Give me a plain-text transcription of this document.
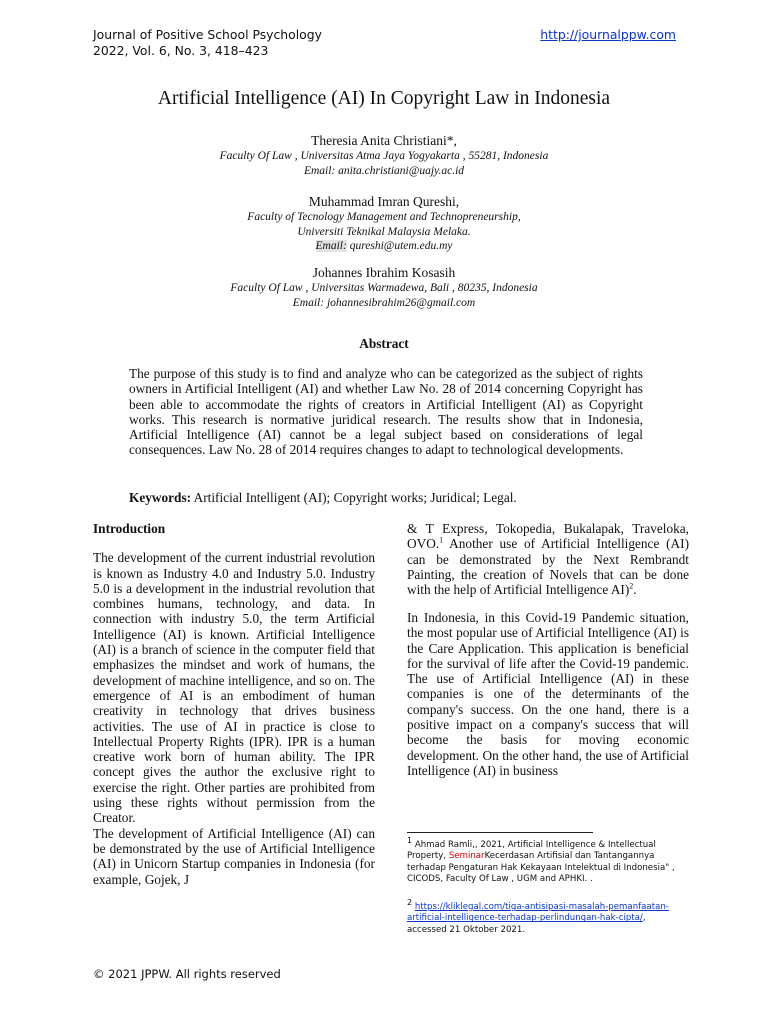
Journal of Positive School Psychology
2022, Vol. 6, No. 3, 418–423
http://journalppw.com
Artificial Intelligence (AI) In Copyright Law in Indonesia
Theresia Anita Christiani*,
Faculty Of Law , Universitas Atma Jaya Yogyakarta , 55281, Indonesia
Email: anita.christiani@uajy.ac.id
Muhammad Imran Qureshi,
Faculty of Tecnology Management and Technopreneurship,
Universiti Teknikal Malaysia Melaka.
Email: qureshi@utem.edu.my
Johannes Ibrahim Kosasih
Faculty Of Law , Universitas Warmadewa, Bali , 80235, Indonesia
Email: johannesibrahim26@gmail.com
Abstract
The purpose of this study is to find and analyze who can be categorized as the subject of rights owners in Artificial Intelligent (AI) and whether Law No. 28 of 2014 concerning Copyright has been able to accommodate the rights of creators in Artificial Intelligent (AI) as Copyright works. This research is normative juridical research. The results show that in Indonesia, Artificial Intelligence (AI) cannot be a legal subject based on considerations of legal consequences. Law No. 28 of 2014 requires changes to adapt to technological developments.
Keywords: Artificial Intelligent (AI); Copyright works; Juridical; Legal.
Introduction

The development of the current industrial revolution is known as Industry 4.0 and Industry 5.0. Industry 5.0 is a development in the industrial revolution that combines humans, technology, and data. In connection with industry 5.0, the term Artificial Intelligence (AI) is known. Artificial Intelligence (AI) is a branch of science in the computer field that emphasizes the mindset and work of humans, the development of machine intelligence, and so on. The emergence of AI is an embodiment of human creativity in technology that drives business activities. The use of AI in practice is close to Intellectual Property Rights (IPR). IPR is a human creative work born of human ability. The IPR concept gives the author the exclusive right to exercise the right. Other parties are prohibited from using these rights without permission from the Creator.

The development of Artificial Intelligence (AI) can be demonstrated by the use of Artificial Intelligence (AI) in Unicorn Startup companies in Indonesia (for example, Gojek, J

& T Express, Tokopedia, Bukalapak, Traveloka, OVO.$^1$ Another use of Artificial Intelligence (AI) can be demonstrated by the Next Rembrandt Painting, the creation of Novels that can be done with the help of Artificial Intelligence AI)$^2$.

In Indonesia, in this Covid-19 Pandemic situation, the most popular use of Artificial Intelligence (AI) is the Care Application. This application is beneficial for the survival of life after the Covid-19 pandemic. The use of Artificial Intelligence (AI) in these companies is one of the determinants of the company's success. On the one hand, there is a positive impact on a company's success that will become the basis for moving economic development. On the other hand, the use of Artificial Intelligence (AI) in business

$^1$ Ahmad Ramli,, 2021, Artificial Intelligence & Intellectual Property, SeminarKecerdasan Artifisial dan Tantangannya terhadap Pengaturan Hak Kekayaan Intelektual di Indonesia" , CICODS, Faculty Of Law , UGM and APHKI. .
$^2$ https://kliklegal.com/tiga-antisipasi-masalah-pemanfaatan-artificial-intelligence-terhadap-perlindungan-hak-cipta/, accessed 21 Oktober 2021.
© 2021 JPPW. All rights reserved
